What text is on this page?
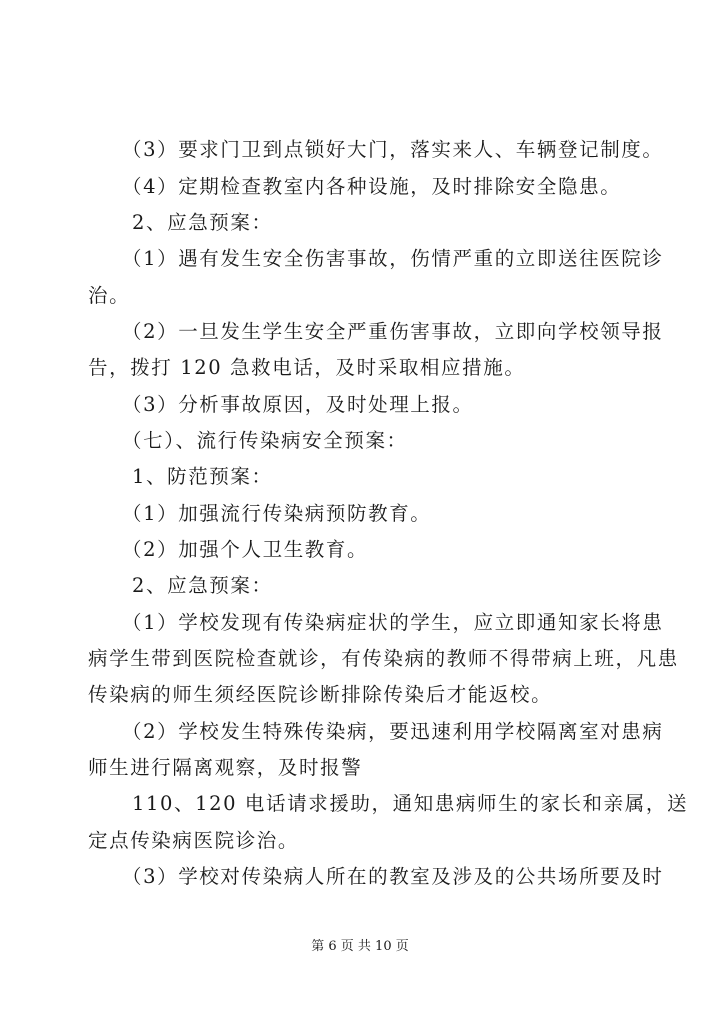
（3）要求门卫到点锁好大门，落实来人、车辆登记制度。

（4）定期检查教室内各种设施，及时排除安全隐患。

2、应急预案：

（1）遇有发生安全伤害事故，伤情严重的立即送往医院诊

治。

（2）一旦发生学生安全严重伤害事故，立即向学校领导报

告，拨打 120 急救电话，及时采取相应措施。

（3）分析事故原因，及时处理上报。

（七）、流行传染病安全预案：

1、防范预案：

（1）加强流行传染病预防教育。

（2）加强个人卫生教育。

2、应急预案：

（1）学校发现有传染病症状的学生，应立即通知家长将患

病学生带到医院检查就诊，有传染病的教师不得带病上班，凡患

传染病的师生须经医院诊断排除传染后才能返校。

（2）学校发生特殊传染病，要迅速利用学校隔离室对患病

师生进行隔离观察，及时报警

110、120 电话请求援助，通知患病师生的家长和亲属，送

定点传染病医院诊治。

（3）学校对传染病人所在的教室及涉及的公共场所要及时

第 6 页 共 10 页
